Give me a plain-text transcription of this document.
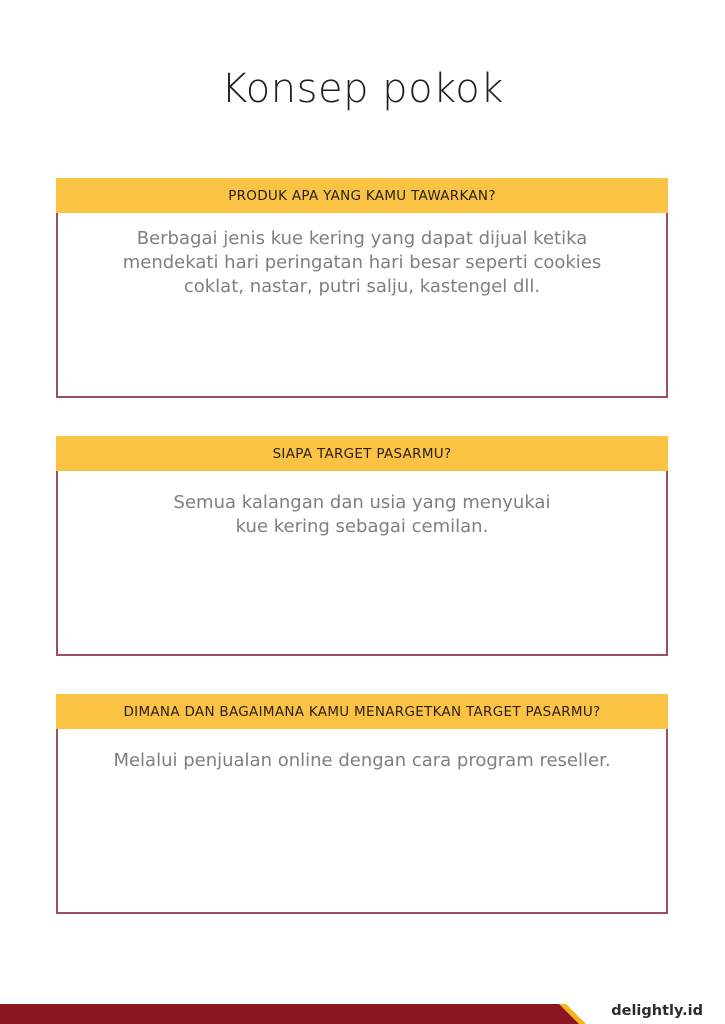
Konsep pokok
PRODUK APA YANG KAMU TAWARKAN?
Berbagai jenis kue kering yang dapat dijual ketika
mendekati hari peringatan hari besar seperti cookies
coklat, nastar, putri salju, kastengel dll.
SIAPA TARGET PASARMU?
Semua kalangan dan usia yang menyukai
kue kering sebagai cemilan.
DIMANA DAN BAGAIMANA KAMU MENARGETKAN TARGET PASARMU?
Melalui penjualan online dengan cara program reseller.
delightly.id
